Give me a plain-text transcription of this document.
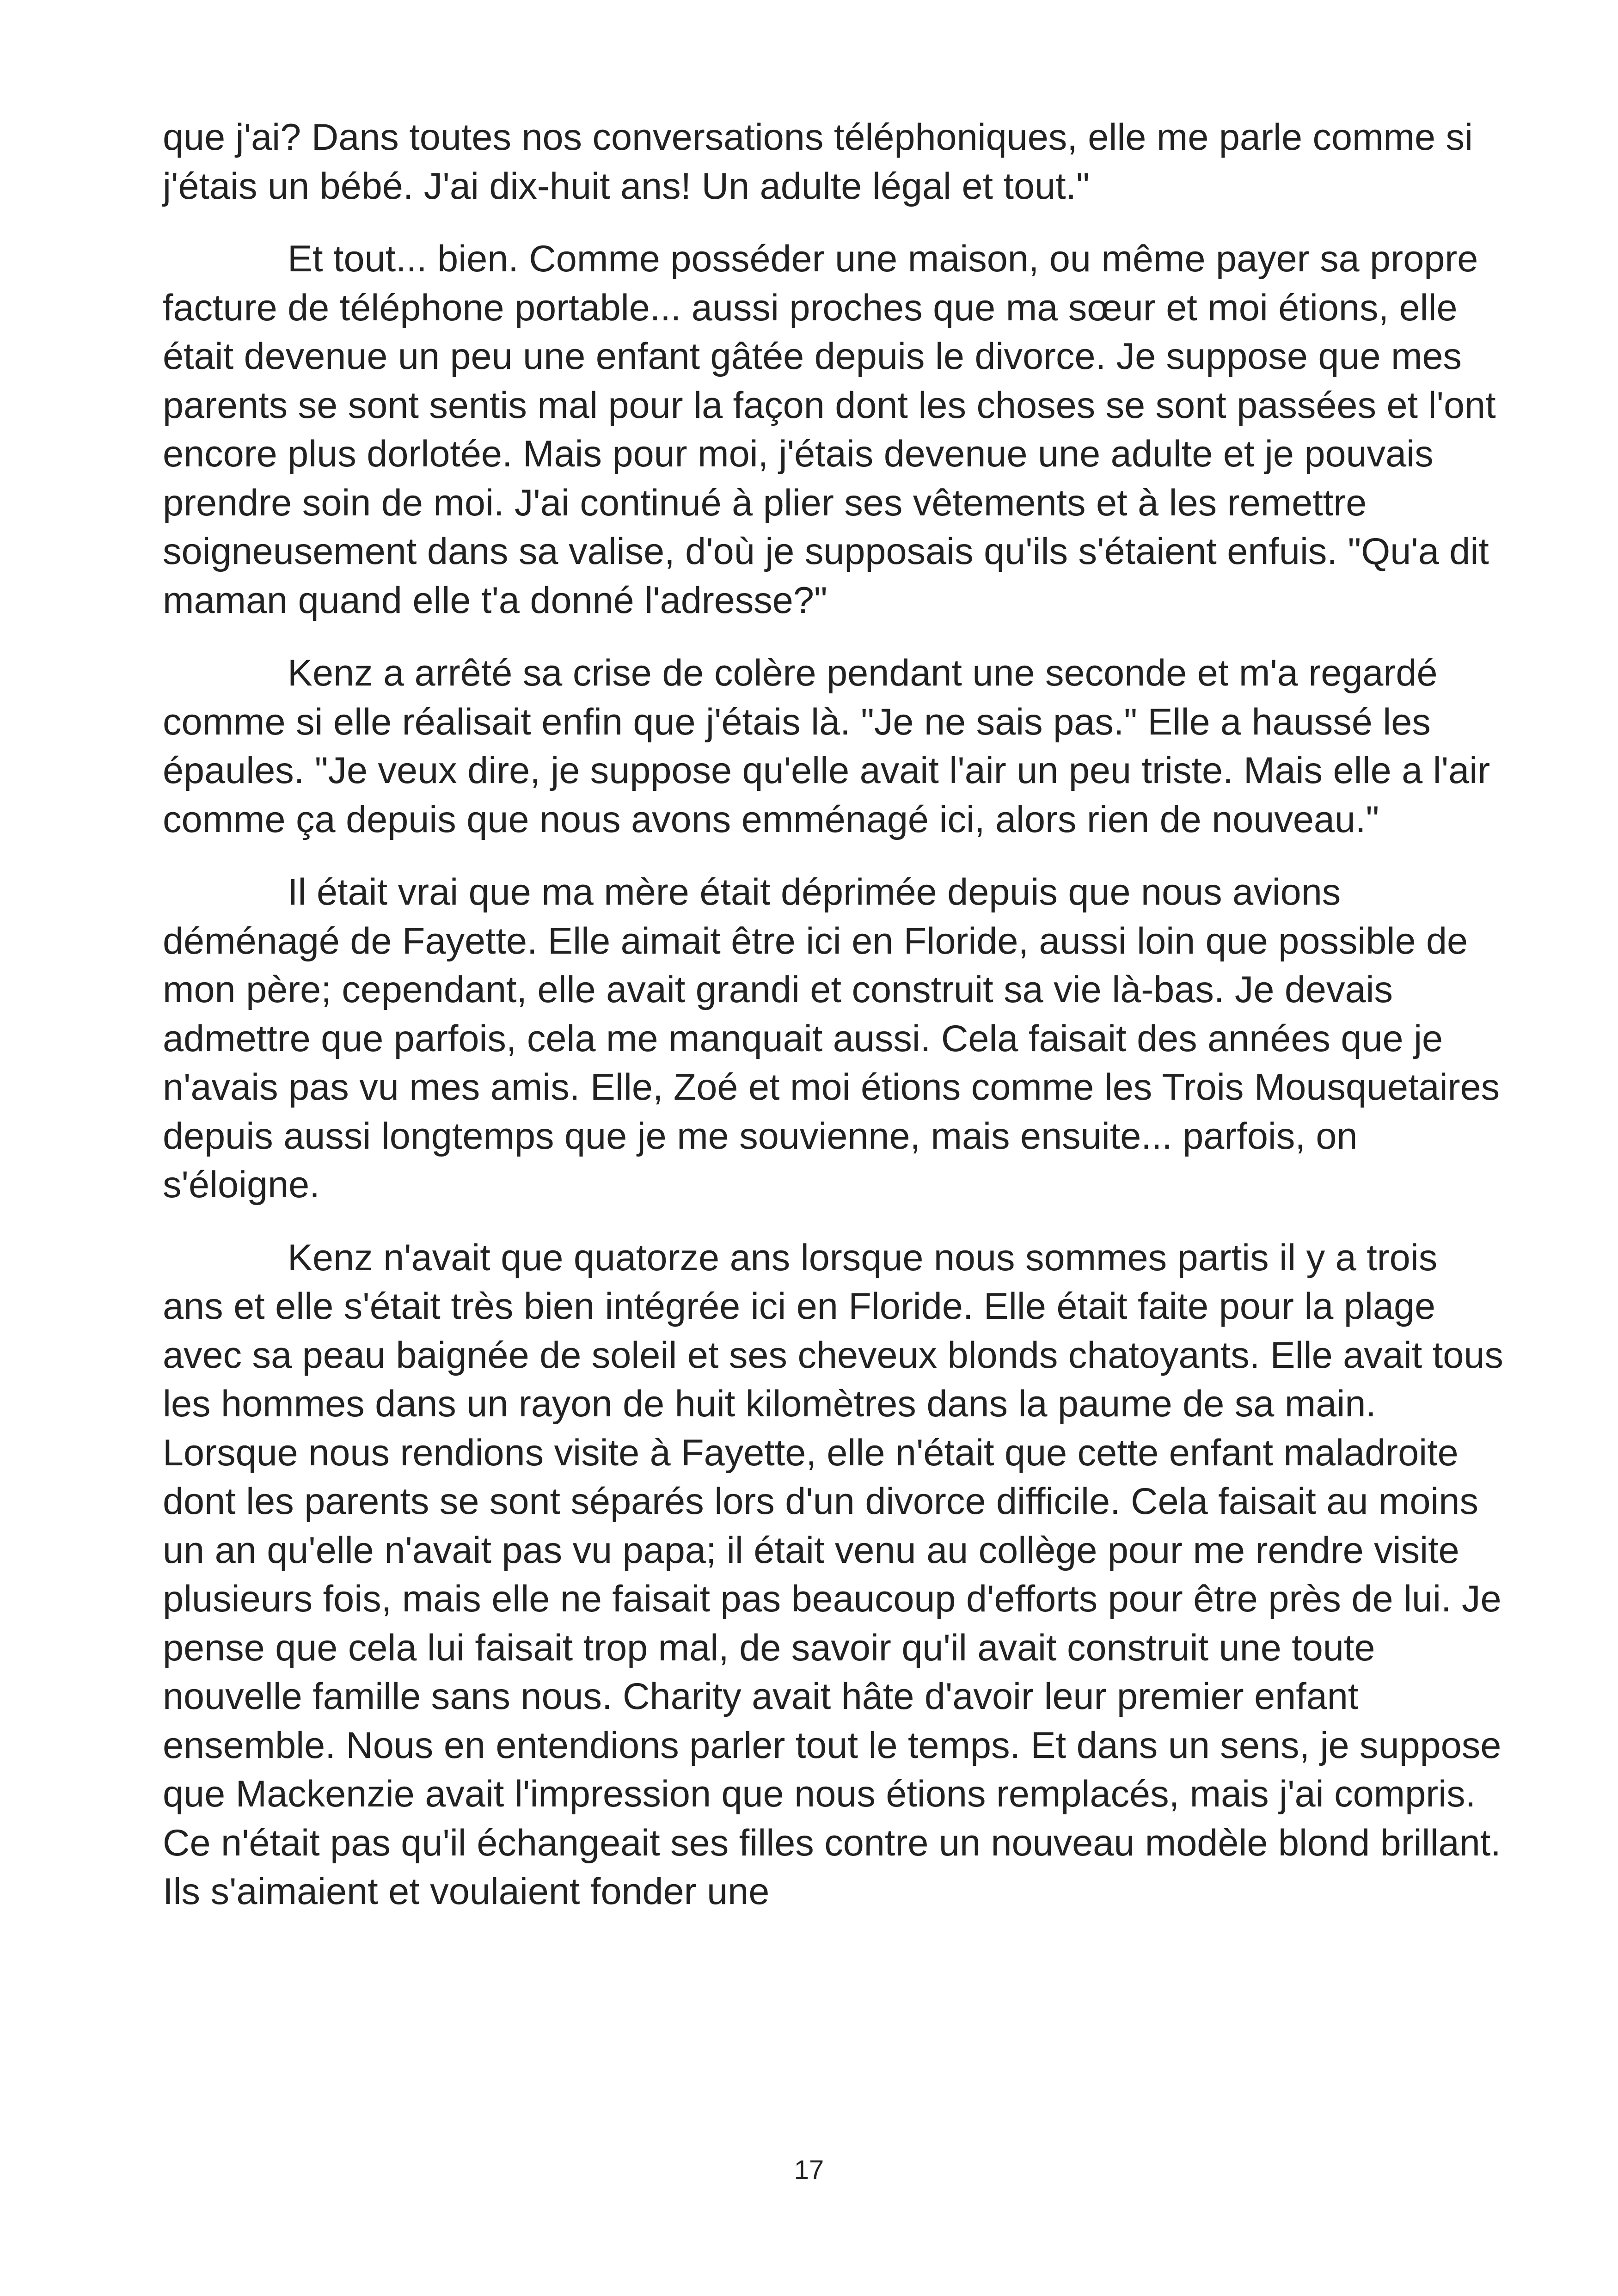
que j'ai? Dans toutes nos conversations téléphoniques, elle me parle comme si j'étais un bébé. J'ai dix-huit ans! Un adulte légal et tout."

Et tout... bien. Comme posséder une maison, ou même payer sa propre facture de téléphone portable... aussi proches que ma sœur et moi étions, elle était devenue un peu une enfant gâtée depuis le divorce. Je suppose que mes parents se sont sentis mal pour la façon dont les choses se sont passées et l'ont encore plus dorlotée. Mais pour moi, j'étais devenue une adulte et je pouvais prendre soin de moi. J'ai continué à plier ses vêtements et à les remettre soigneusement dans sa valise, d'où je supposais qu'ils s'étaient enfuis. "Qu'a dit maman quand elle t'a donné l'adresse?"

Kenz a arrêté sa crise de colère pendant une seconde et m'a regardé comme si elle réalisait enfin que j'étais là. "Je ne sais pas." Elle a haussé les épaules. "Je veux dire, je suppose qu'elle avait l'air un peu triste. Mais elle a l'air comme ça depuis que nous avons emménagé ici, alors rien de nouveau."

Il était vrai que ma mère était déprimée depuis que nous avions déménagé de Fayette. Elle aimait être ici en Floride, aussi loin que possible de mon père; cependant, elle avait grandi et construit sa vie là-bas. Je devais admettre que parfois, cela me manquait aussi. Cela faisait des années que je n'avais pas vu mes amis. Elle, Zoé et moi étions comme les Trois Mousquetaires depuis aussi longtemps que je me souvienne, mais ensuite... parfois, on s'éloigne.

Kenz n'avait que quatorze ans lorsque nous sommes partis il y a trois ans et elle s'était très bien intégrée ici en Floride. Elle était faite pour la plage avec sa peau baignée de soleil et ses cheveux blonds chatoyants. Elle avait tous les hommes dans un rayon de huit kilomètres dans la paume de sa main. Lorsque nous rendions visite à Fayette, elle n'était que cette enfant maladroite dont les parents se sont séparés lors d'un divorce difficile. Cela faisait au moins un an qu'elle n'avait pas vu papa; il était venu au collège pour me rendre visite plusieurs fois, mais elle ne faisait pas beaucoup d'efforts pour être près de lui. Je pense que cela lui faisait trop mal, de savoir qu'il avait construit une toute nouvelle famille sans nous. Charity avait hâte d'avoir leur premier enfant ensemble. Nous en entendions parler tout le temps. Et dans un sens, je suppose que Mackenzie avait l'impression que nous étions remplacés, mais j'ai compris. Ce n'était pas qu'il échangeait ses filles contre un nouveau modèle blond brillant. Ils s'aimaient et voulaient fonder une

17
